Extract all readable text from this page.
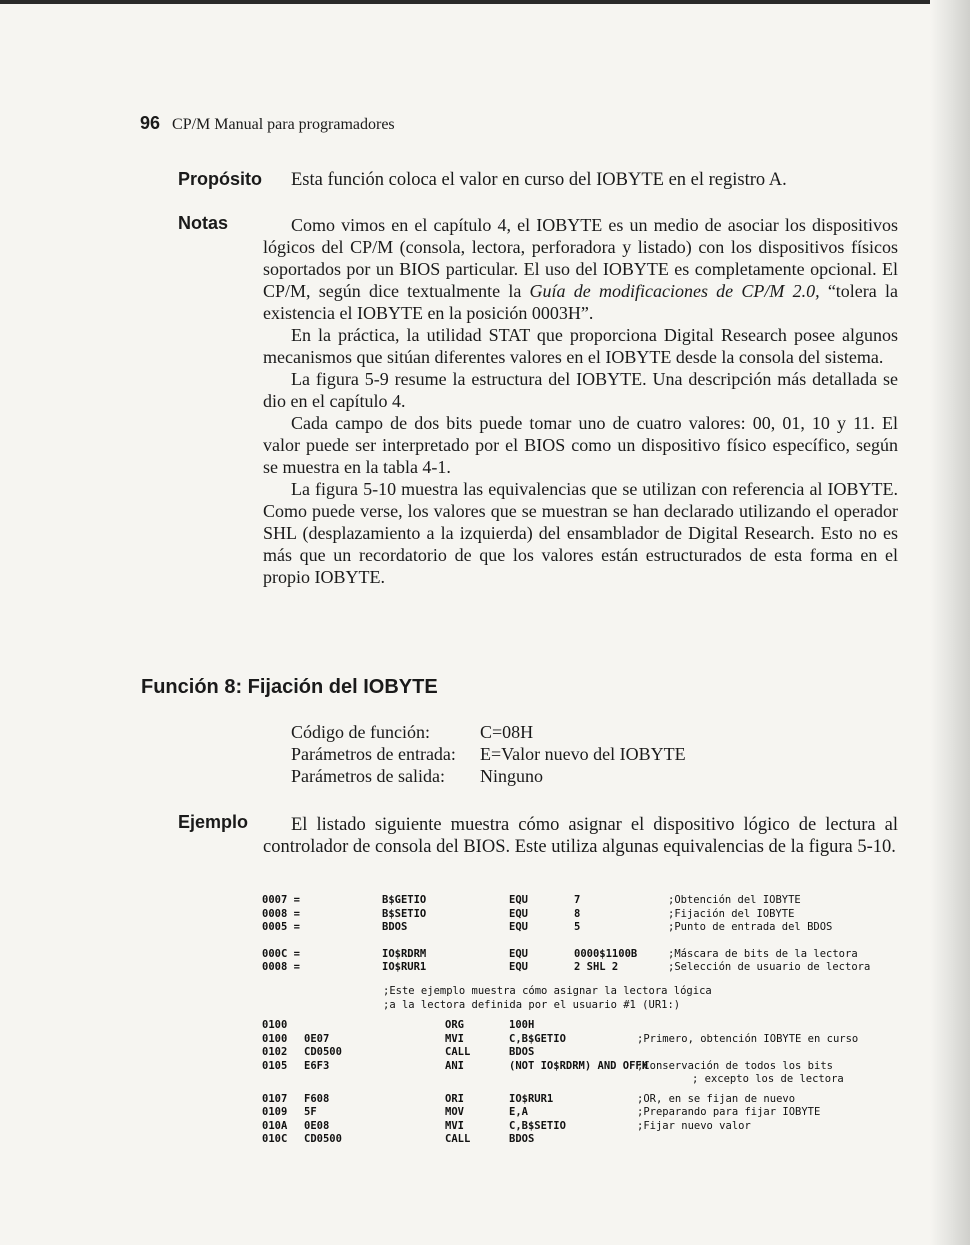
96 CP/M Manual para programadores
Propósito Esta función coloca el valor en curso del IOBYTE en el registro A.
Notas	Como vimos en el capítulo 4, el IOBYTE es un medio de asociar los dispositivos lógicos del CP/M (consola, lectora, perforadora y listado) con los dispositivos físicos soportados por un BIOS particular. El uso del IOBYTE es completamente opcional. El CP/M, según dice textualmente la Guía de modificaciones de CP/M 2.0, “tolera la existencia el IOBYTE en la posición 0003H”.

En la práctica, la utilidad STAT que proporciona Digital Research posee algunos mecanismos que sitúan diferentes valores en el IOBYTE desde la consola del sistema.

La figura 5-9 resume la estructura del IOBYTE. Una descripción más detallada se dio en el capítulo 4.

Cada campo de dos bits puede tomar uno de cuatro valores: 00, 01, 10 y 11. El valor puede ser interpretado por el BIOS como un dispositivo físico específico, según se muestra en la tabla 4-1.

La figura 5-10 muestra las equivalencias que se utilizan con referencia al IOBYTE. Como puede verse, los valores que se muestran se han declarado utilizando el operador SHL (desplazamiento a la izquierda) del ensamblador de Digital Research. Esto no es más que un recordatorio de que los valores están estructurados de esta forma en el propio IOBYTE.

Función 8: Fijación del IOBYTE
Código de función:	C=08H
Parámetros de entrada:	E=Valor nuevo del IOBYTE
Parámetros de salida:	Ninguno
Ejemplo	El listado siguiente muestra cómo asignar el dispositivo lógico de lectura al controlador de consola del BIOS. Este utiliza algunas equivalencias de la figura 5-10.

0007 =	B$GETIO	EQU	7	;Obtención del IOBYTE
0008 =	B$SETIO	EQU	8	;Fijación del IOBYTE
0005 =	BDOS	EQU	5	;Punto de entrada del BDOS
000C =	IO$RDRM	EQU	0000$1100B	;Máscara de bits de la lectora
0008 =	IO$RUR1	EQU	2 SHL 2	;Selección de usuario de lectora
;Este ejemplo muestra cómo asignar la lectora lógica
;a la lectora definida por el usuario #1 (UR1:)
0100	ORG	100H
0100 0E07	MVI	C,B$GETIO	;Primero, obtención IOBYTE en curso
0102 CD0500	CALL	BDOS
0105 E6F3	ANI	(NOT IO$RDRM) AND OFFH
;Conservación de todos los bits
; excepto los de lectora
0107 F608	ORI	IO$RUR1	;OR, en se fijan de nuevo
0109 5F	MOV	E,A	;Preparando para fijar IOBYTE
010A 0E08	MVI	C,B$SETIO	;Fijar nuevo valor
010C CD0500	CALL	BDOS
